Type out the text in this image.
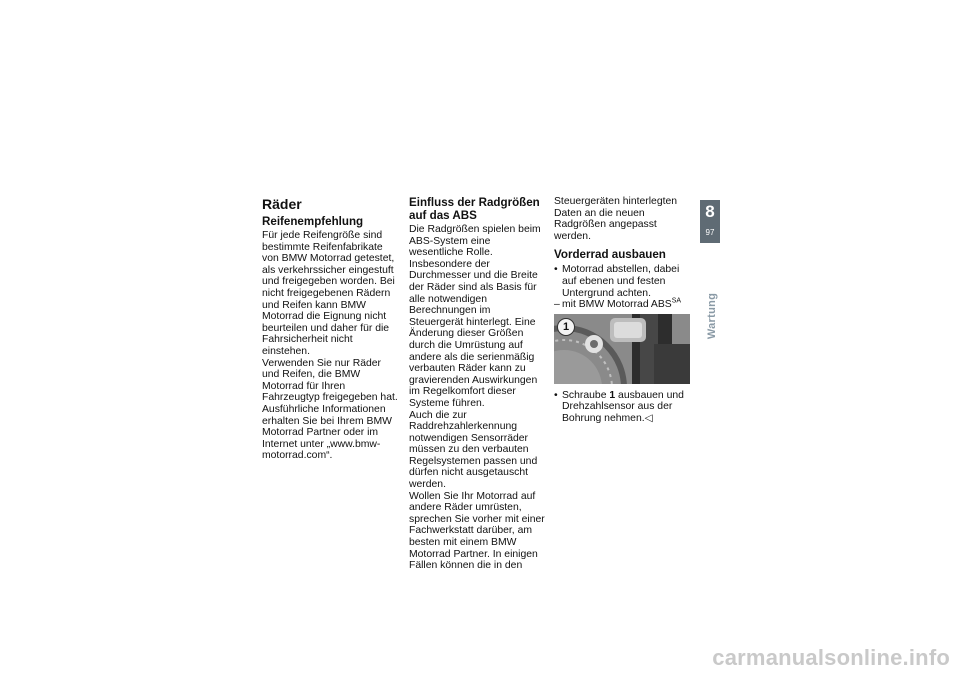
Räder
Reifenempfehlung

Für jede Reifengröße sind bestimmte Reifenfabrikate von BMW Motorrad getestet, als verkehrssicher eingestuft und freigegeben worden. Bei nicht freigegebenen Rädern und Reifen kann BMW Motorrad die Eignung nicht beurteilen und daher für die Fahrsicherheit nicht einstehen.

Verwenden Sie nur Räder und Reifen, die BMW Motorrad für Ihren Fahrzeugtyp freigegeben hat.

Ausführliche Informationen erhalten Sie bei Ihrem BMW Motorrad Partner oder im Internet unter „www.bmw-motorrad.com“.

Einfluss der Radgrößen auf das ABS

Die Radgrößen spielen beim ABS-System eine wesentliche Rolle. Insbesondere der Durchmesser und die Breite der Räder sind als Basis für alle notwendigen Berechnungen im Steuergerät hinterlegt. Eine Änderung dieser Größen durch die Umrüstung auf andere als die serienmäßig verbauten Räder kann zu gravierenden Auswirkungen im Regelkomfort dieser Systeme führen.

Auch die zur Raddrehzahlerkennung notwendigen Sensorräder müssen zu den verbauten Regelsystemen passen und dürfen nicht ausgetauscht werden.

Wollen Sie Ihr Motorrad auf andere Räder umrüsten, sprechen Sie vorher mit einer Fachwerkstatt darüber, am besten mit einem BMW Motorrad Partner. In einigen Fällen können die in den

Steuergeräten hinterlegten Daten an die neuen Radgrößen angepasst werden.

Vorderrad ausbauen

• Motorrad abstellen, dabei auf ebenen und festen Untergrund achten.

– mit BMW Motorrad $ABS^{SA}$

1

• Schraube 1 ausbauen und Drehzahlsensor aus der Bohrung nehmen.◁

8
97
Wartung
carmanualsonline.info
